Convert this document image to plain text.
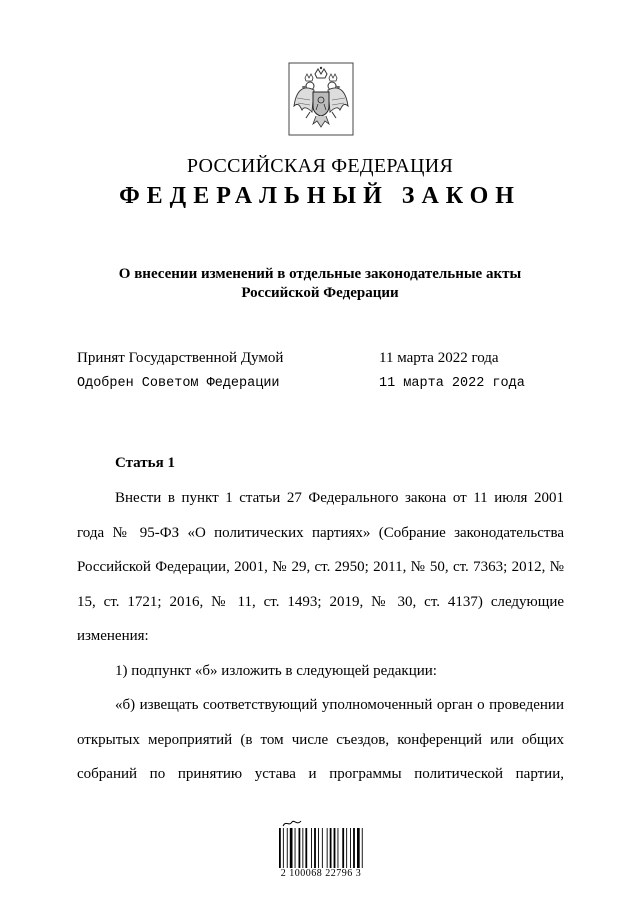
РОССИЙСКАЯ ФЕДЕРАЦИЯ
ФЕДЕРАЛЬНЫЙ ЗАКОН
О внесении изменений в отдельные законодательные акты
Российской Федерации
Принят Государственной Думой	11 марта 2022 года
Одобрен Советом Федерации	11 марта 2022 года
Статья 1

Внести в пункт 1 статьи 27 Федерального закона от 11 июля 2001 года № 95-ФЗ «О политических партиях» (Собрание законодательства Российской Федерации, 2001, № 29, ст. 2950; 2011, № 50, ст. 7363; 2012, № 15, ст. 1721; 2016, № 11, ст. 1493; 2019, № 30, ст. 4137) следующие изменения:

1) подпункт «б» изложить в следующей редакции:

«б) извещать соответствующий уполномоченный орган о проведении открытых мероприятий (в том числе съездов, конференций или общих собраний по принятию устава и программы политической партии,

2 100068 22796 3
